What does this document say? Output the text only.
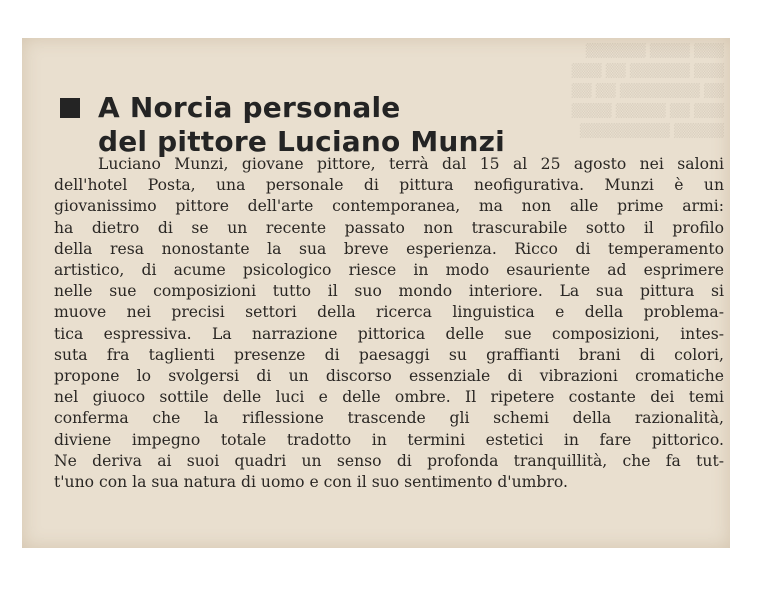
▒▒▒ ▒▒▒▒ ▒▒▒▒▒▒
▒▒▒ ▒▒▒▒▒▒ ▒▒ ▒▒▒
▒▒ ▒▒▒▒▒▒▒▒ ▒▒ ▒▒
▒▒▒ ▒▒ ▒▒▒▒▒ ▒▒▒▒
▒▒▒▒▒ ▒▒▒▒▒▒▒▒▒
A Norcia personale
del pittore Luciano Munzi
Luciano Munzi, giovane pittore, terrà dal 15 al 25 agosto nei saloni
dell'hotel Posta, una personale di pittura neofigurativa. Munzi è un
giovanissimo pittore dell'arte contemporanea, ma non alle prime armi:
ha dietro di se un recente passato non trascurabile sotto il profilo
della resa nonostante la sua breve esperienza. Ricco di temperamento
artistico, di acume psicologico riesce in modo esauriente ad esprimere
nelle sue composizioni tutto il suo mondo interiore. La sua pittura si
muove nei precisi settori della ricerca linguistica e della problema-
tica espressiva. La narrazione pittorica delle sue composizioni, intes-
suta fra taglienti presenze di paesaggi su graffianti brani di colori,
propone lo svolgersi di un discorso essenziale di vibrazioni cromatiche
nel giuoco sottile delle luci e delle ombre. Il ripetere costante dei temi
conferma che la riflessione trascende gli schemi della razionalità,
diviene impegno totale tradotto in termini estetici in fare pittorico.
Ne deriva ai suoi quadri un senso di profonda tranquillità, che fa tut-
t'uno con la sua natura di uomo e con il suo sentimento d'umbro.
